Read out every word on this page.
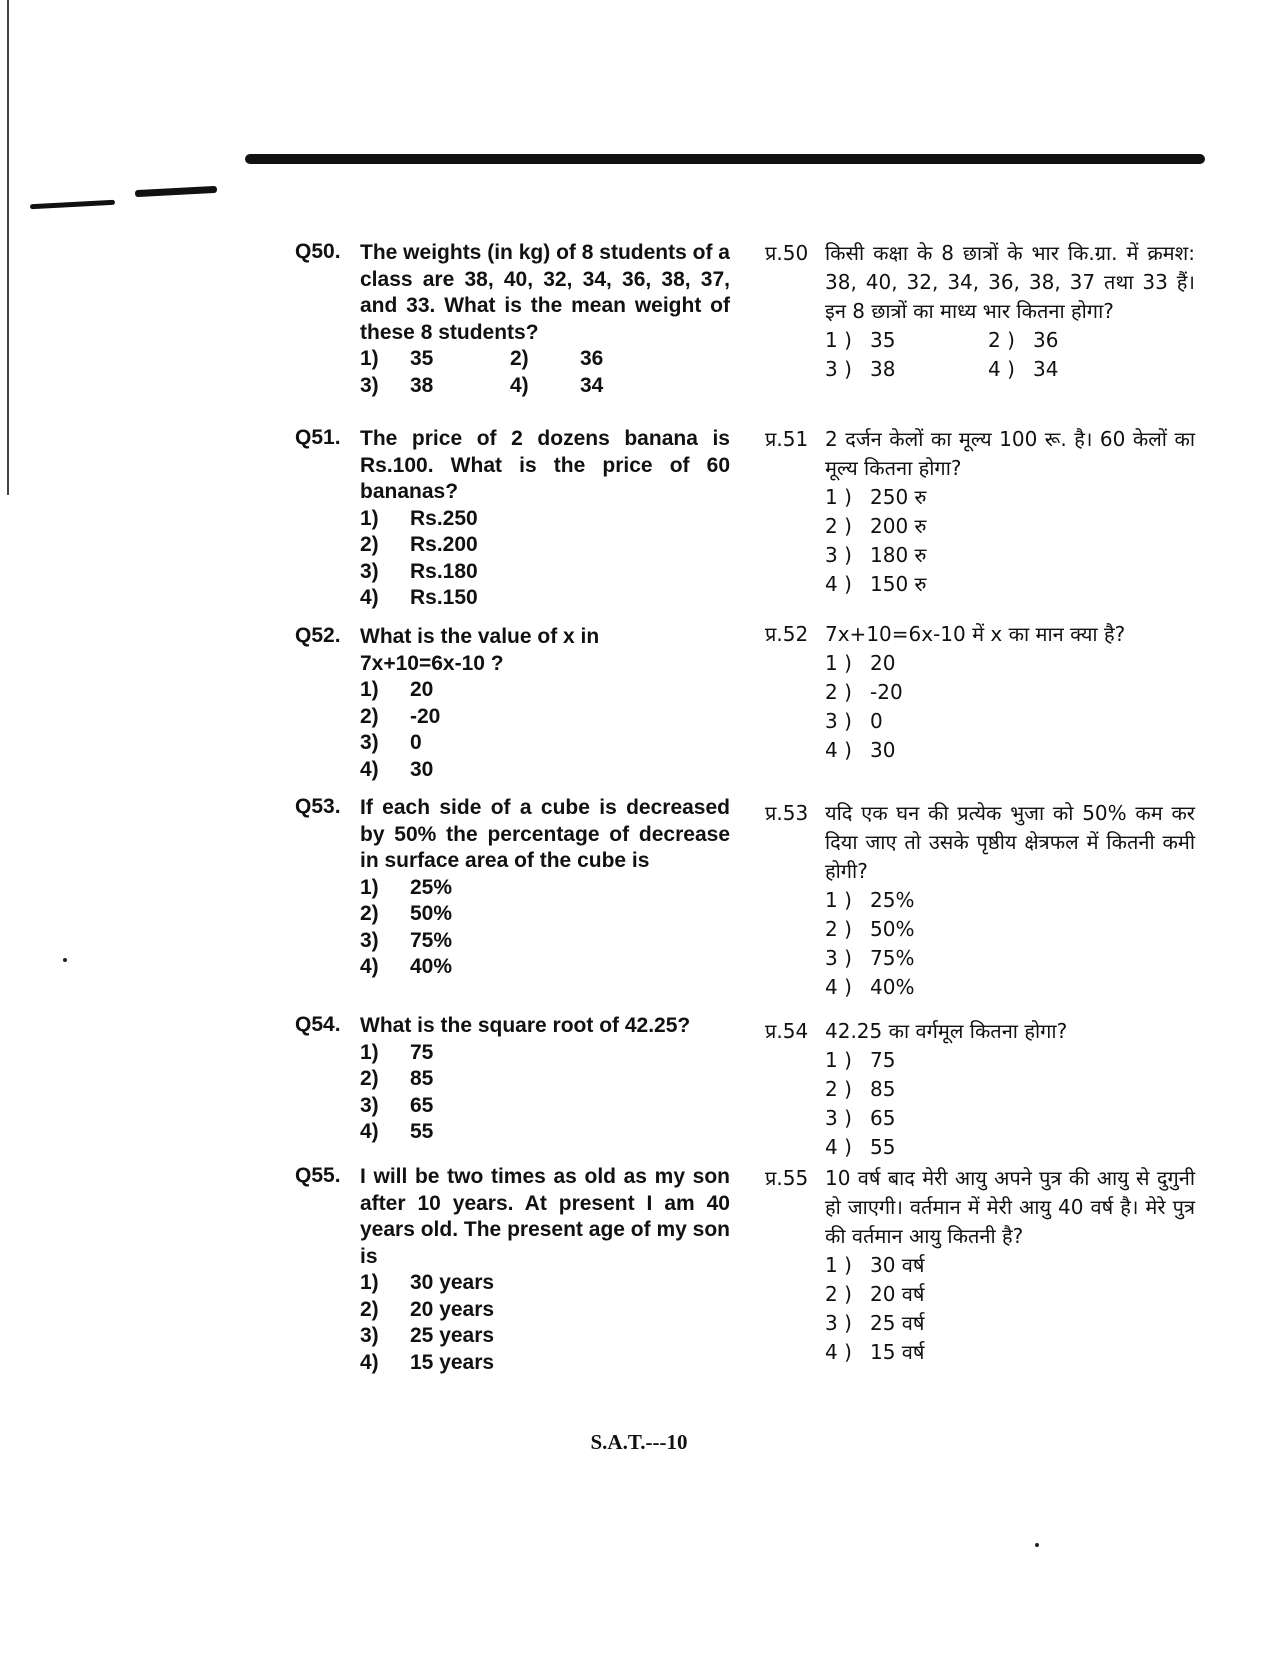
Q50. The weights (in kg) of 8 students of a class are 38, 40, 32, 34, 36, 38, 37, and 33. What is the mean weight of these 8 students?
1)	35	2)	36
3)	38	4)	34
Q51. The price of 2 dozens banana is Rs.100. What is the price of 60 bananas?
1)	Rs.250
2)	Rs.200
3)	Rs.180
4)	Rs.150
Q52. What is the value of x in 7x+10=6x-10 ?
1)	20
2)	-20
3)	0
4)	30
Q53. If each side of a cube is decreased by 50% the percentage of decrease in surface area of the cube is
1)	25%
2)	50%
3)	75%
4)	40%
Q54. What is the square root of 42.25?
1)	75
2)	85
3)	65
4)	55
Q55. I will be two times as old as my son after 10 years. At present I am 40 years old. The present age of my son is
1)	30 years
2)	20 years
3)	25 years
4)	15 years
प्र.50 किसी कक्षा के 8 छात्रों के भार कि.ग्रा. में क्रमश: 38, 40, 32, 34, 36, 38, 37 तथा 33 हैं। इन 8 छात्रों का माध्य भार कितना होगा?
1 ) 35	2 ) 36
3 ) 38	4 ) 34
प्र.51 2 दर्जन केलों का मूल्य 100 रू. है। 60 केलों का मूल्य कितना होगा?
1 ) 250 रु
2 ) 200 रु
3 ) 180 रु
4 ) 150 रु
प्र.52 7x+10=6x-10 में x का मान क्या है?
1 ) 20
2 ) -20
3 ) 0
4 ) 30
प्र.53 यदि एक घन की प्रत्येक भुजा को 50% कम कर दिया जाए तो उसके पृष्ठीय क्षेत्रफल में कितनी कमी होगी?
1 ) 25%
2 ) 50%
3 ) 75%
4 ) 40%
प्र.54 42.25 का वर्गमूल कितना होगा?
1 ) 75
2 ) 85
3 ) 65
4 ) 55
प्र.55 10 वर्ष बाद मेरी आयु अपने पुत्र की आयु से दुगुनी हो जाएगी। वर्तमान में मेरी आयु 40 वर्ष है। मेरे पुत्र की वर्तमान आयु कितनी है?
1 ) 30 वर्ष
2 ) 20 वर्ष
3 ) 25 वर्ष
4 ) 15 वर्ष
S.A.T.---10
